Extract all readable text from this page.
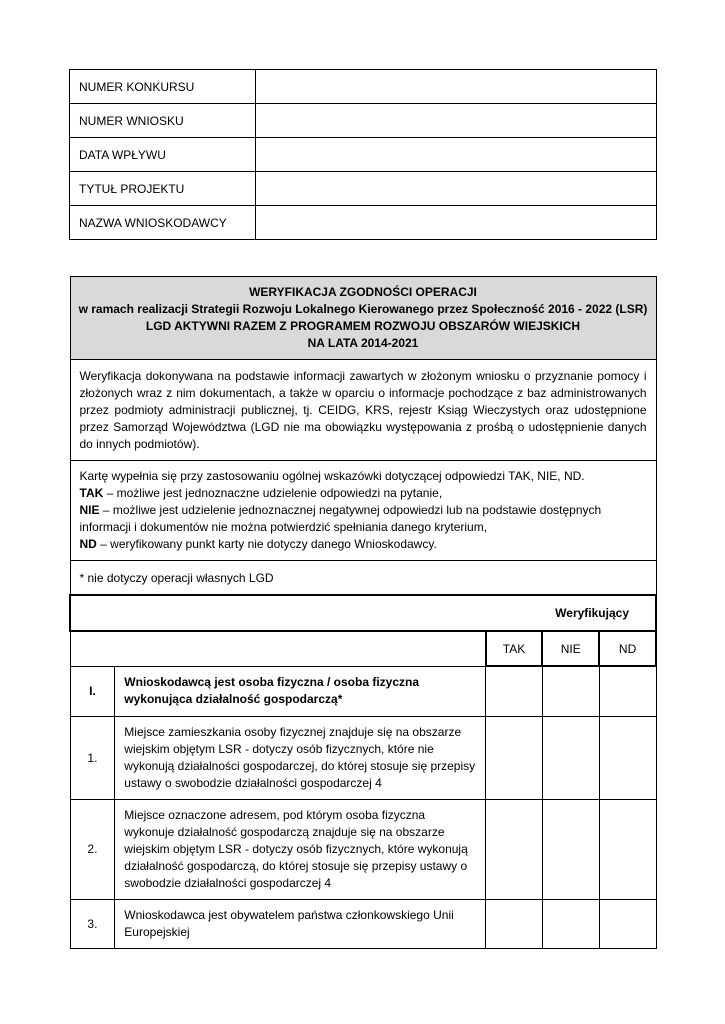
NUMER KONKURSU	
NUMER WNIOSKU	
DATA WPŁYWU	
TYTUŁ PROJEKTU	
NAZWA WNIOSKODAWCY	
WERYFIKACJA ZGODNOŚCI OPERACJI
w ramach realizacji Strategii Rozwoju Lokalnego Kierowanego przez Społeczność 2016 - 2022 (LSR)
LGD AKTYWNI RAZEM Z PROGRAMEM ROZWOJU OBSZARÓW WIEJSKICH
NA LATA 2014-2021				

Weryfikacja dokonywana na podstawie informacji zawartych w złożonym wniosku o przyznanie pomocy i złożonych wraz z nim dokumentach, a także w oparciu o informacje pochodzące z baz administrowanych przez podmioty administracji publicznej, tj. CEIDG, KRS, rejestr Ksiąg Wieczystych oraz udostępnione przez Samorząd Województwa (LGD nie ma obowiązku występowania z prośbą o udostępnienie danych do innych podmiotów).				

Kartę wypełnia się przy zastosowaniu ogólnej wskazówki dotyczącej odpowiedzi TAK, NIE, ND.
TAK – możliwe jest jednoznaczne udzielenie odpowiedzi na pytanie,
NIE – możliwe jest udzielenie jednoznacznej negatywnej odpowiedzi lub na podstawie dostępnych informacji i dokumentów nie można potwierdzić spełniania danego kryterium,
ND – weryfikowany punkt karty nie dotyczy danego Wnioskodawcy.				

* nie dotyczy operacji własnych LGD				
Weryfikujący				
		TAK	NIE	ND
I.	Wnioskodawcą jest osoba fizyczna / osoba fizyczna wykonująca działalność gospodarczą*			
1.	Miejsce zamieszkania osoby fizycznej znajduje się na obszarze wiejskim objętym LSR - dotyczy osób fizycznych, które nie wykonują działalności gospodarczej, do której stosuje się przepisy ustawy o swobodzie działalności gospodarczej 4			
2.	Miejsce oznaczone adresem, pod którym osoba fizyczna wykonuje działalność gospodarczą znajduje się na obszarze wiejskim objętym LSR - dotyczy osób fizycznych, które wykonują działalność gospodarczą, do której stosuje się przepisy ustawy o swobodzie działalności gospodarczej 4			
3.	Wnioskodawca jest obywatelem państwa członkowskiego Unii Europejskiej			
